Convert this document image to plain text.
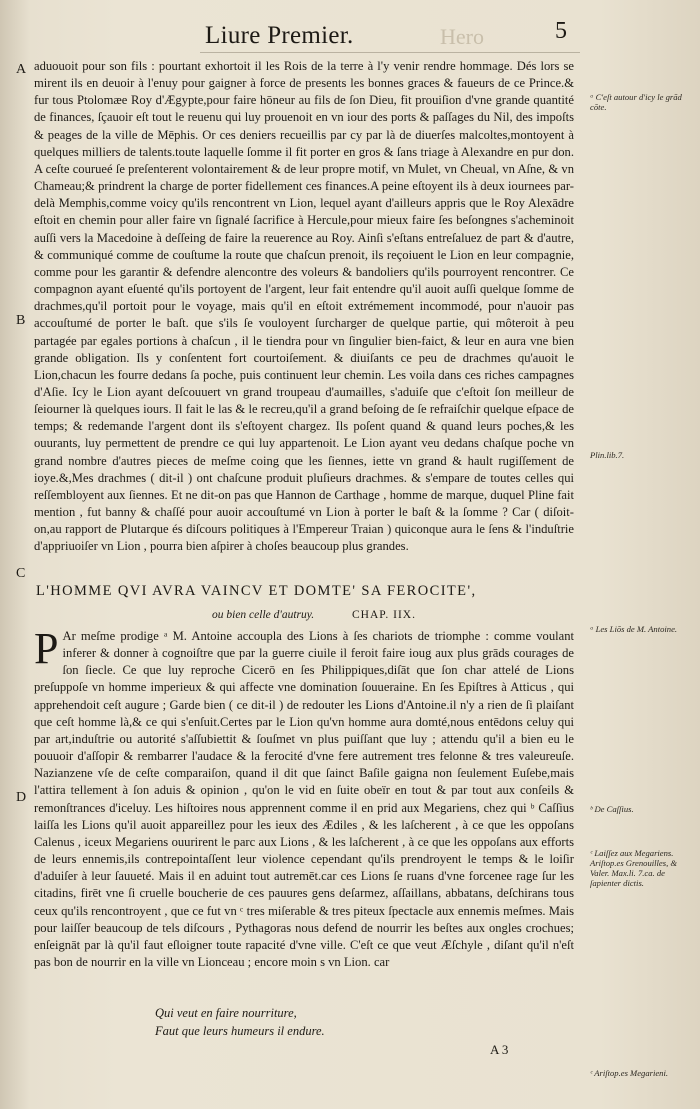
Liure Premier.	Hero	5
A
B
C
D
aduouoit pour son fils : pourtant exhortoit il les Rois de la terre à l'y venir rendre hommage. Dés lors se mirent ils en deuoir à l'enuy pour gaigner à force de presents les bonnes graces & faueurs de ce Prince.& fur tous Ptolomæe Roy d'Ægypte,pour faire hōneur au fils de ſon Dieu, fit prouiſion d'vne grande quantité de finances, ſçauoir eſt tout le reuenu qui luy prouenoit en vn iour des ports & paſſages du Nil, des impoſts & peages de la ville de Mēphis. Or ces deniers recueillis par cy par là de diuerſes malcoltes,montoyent à quelques milliers de talents.toute laquelle ſomme il fit porter en gros & ſans triage à Alexandre en pur don. A ceſte courueé ſe preſenterent volontairement & de leur propre motif, vn Mulet, vn Cheual, vn Aſne, & vn Chameau;& prindrent la charge de porter fidellement ces finances.A peine eſtoyent ils à deux iournees par-delà Memphis,comme voicy qu'ils rencontrent vn Lion, lequel ayant d'ailleurs appris que le Roy Alexādre eſtoit en chemin pour aller faire vn ſignalé ſacrifice à Hercule,pour mieux faire ſes beſongnes s'acheminoit auſſi vers la Macedoine à deſſeing de faire la reuerence au Roy. Ainſi s'eſtans entreſaluez de part & d'autre, & communiqué comme de couſtume la route que chaſcun prenoit, ils reçoiuent le Lion en leur compagnie, comme pour les garantir & defendre alencontre des voleurs & bandoliers qu'ils pourroyent rencontrer. Ce compagnon ayant eſuenté qu'ils portoyent de l'argent, leur fait entendre qu'il auoit auſſi quelque ſomme de drachmes,qu'il portoit pour le voyage, mais qu'il en eſtoit extrémement incommodé, pour n'auoir pas accouſtumé de porter le baſt. que s'ils ſe vouloyent ſurcharger de quelque partie, qui môteroit à peu partagée par egales portions à chaſcun , il le tiendra pour vn ſingulier bien-faict, & leur en aura vne bien grande obligation. Ils y conſentent fort courtoiſement. & diuiſants ce peu de drachmes qu'auoit le Lion,chacun les fourre dedans ſa poche, puis continuent leur chemin. Les voila dans ces riches campagnes d'Aſie. Icy le Lion ayant deſcouuert vn grand troupeau d'aumailles, s'aduiſe que c'eſtoit ſon meilleur de ſeiourner là quelques iours. Il fait le las & le recreu,qu'il a grand beſoing de ſe refraiſchir quelque eſpace de temps; & redemande l'argent dont ils s'eſtoyent chargez. Ils poſent quand & quand leurs poches,& les ouurants, luy permettent de prendre ce qui luy appartenoit. Le Lion ayant veu dedans chaſque poche vn grand nombre d'autres pieces de meſme coing que les ſiennes, iette vn grand & hault rugiſſement de ioye.&,Mes drachmes ( dit-il ) ont chaſcune produit pluſieurs drachmes. & s'empare de toutes celles qui reſſembloyent aux ſiennes. Et ne dit-on pas que Hannon de Carthage , homme de marque, duquel Pline fait mention , fut banny & chaſſé pour auoir accouſtumé vn Lion à porter le baſt & la ſomme ? Car ( diſoit-on,au rapport de Plutarque és diſcours politiques à l'Empereur Traian ) quiconque aura le ſens & l'induſtrie d'appriuoiſer vn Lion , pourra bien aſpirer à choſes beaucoup plus grandes.
L'HOMME QVI AVRA VAINCV ET DOMTE' SA FEROCITE',
ou bien celle d'autruy.	CHAP. IIX.
P Ar meſme prodige ᵃ M. Antoine accoupla des Lions à ſes chariots de triomphe : comme voulant inferer & donner à cognoiſtre que par la guerre ciuile il feroit faire ioug aux plus grāds courages de ſon ſiecle. Ce que luy reproche Cicerō en ſes Philippiques,diſāt que ſon char attelé de Lions preſuppoſe vn homme imperieux & qui affecte vne domination ſouueraine. En ſes Epiſtres à Atticus , qui apprehendoit ceſt augure ; Garde bien ( ce dit-il ) de redouter les Lions d'Antoine.il n'y a rien de ſi plaiſant que ceſt homme là,& ce qui s'enſuit.Certes par le Lion qu'vn homme aura domté,nous entēdons celuy qui par art,induſtrie ou autorité s'aſſubiettit & ſouſmet vn plus puiſſant que luy ; attendu qu'il a bien eu le pouuoir d'aſſopir & rembarrer l'audace & la ferocité d'vne fere autrement tres felonne & tres valeureuſe. Nazianzene vſe de ceſte comparaiſon, quand il dit que ſainct Baſile gaigna non ſeulement Euſebe,mais l'attira tellement à ſon aduis & opinion , qu'on le vid en ſuite obeïr en tout & par tout aux conſeils & remonſtrances d'iceluy. Les hiſtoires nous apprennent comme il en prid aux Megariens, chez qui ᵇ Caſſius laiſſa les Lions qu'il auoit appareillez pour les ieux des Ædiles , & les laſcherent , à ce que les oppoſans Calenus , iceux Megariens ouurirent le parc aux Lions , & les laſcherent , à ce que les oppoſans aux efforts de leurs ennemis,ils contrepointaſſent leur violence cependant qu'ils prendroyent le temps & le loiſir d'aduiſer à leur ſauueté. Mais il en aduint tout autremēt.car ces Lions ſe ruans d'vne forcenee rage ſur les citadins, firēt vne ſi cruelle boucherie de ces pauures gens deſarmez, aſſaillans, abbatans, deſchirans tous ceux qu'ils rencontroyent , que ce fut vn ᶜ tres miſerable & tres piteux ſpectacle aux ennemis meſmes. Mais pour laiſſer beaucoup de tels diſcours , Pythagoras nous defend de nourrir les beſtes aux ongles crochues; enſeignāt par là qu'il faut eſloigner toute rapacité d'vne ville. C'eſt ce que veut Æſchyle , diſant qu'il n'eſt pas bon de nourrir en la ville vn Lionceau ; encore moin s vn Lion. car
Qui veut en faire nourriture,
Faut que leurs humeurs il endure.
A 3
ᵃ C'eſt autour d'icy le grād cōte.
Plin.lib.7.
ᵃ Les Liōs de M. Antoine.
ᵇ De Caſſius.
ᶜ Laiſſez aux Megariens. Ariſtop.es Grenouilles, & Valer. Max.li. 7.ca. de ſapienter dictis.
ᶜ Ariſtop.es Megarieni.
